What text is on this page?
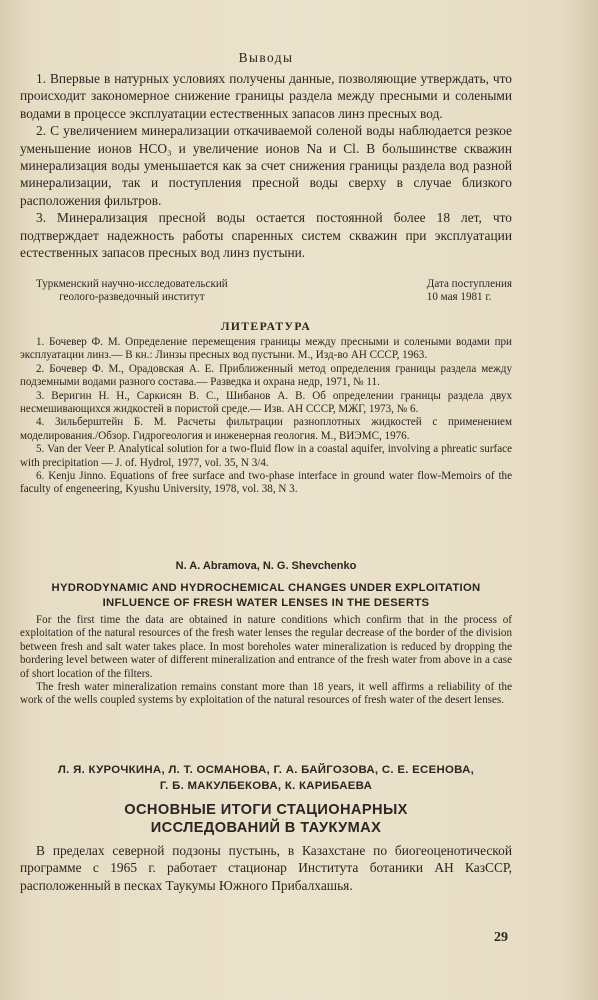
Выводы

1. Впервые в натурных условиях получены данные, позволяющие утверждать, что происходит закономерное снижение границы раздела между пресными и солеными водами в процессе эксплуатации естественных запасов линз пресных вод.

2. С увеличением минерализации откачиваемой соленой воды наблюдается резкое уменьшение ионов HCO₃ и увеличение ионов Na и Cl. В большинстве скважин минерализация воды уменьшается как за счет снижения границы раздела вод разной минерализации, так и поступления пресной воды сверху в случае близкого расположения фильтров.

3. Минерализация пресной воды остается постоянной более 18 лет, что подтверждает надежность работы спаренных систем скважин при эксплуатации естественных запасов пресных вод линз пустыни.

Туркменский научно-исследовательский
геолого-разведочный институт
Дата поступления
10 мая 1981 г.
ЛИТЕРАТУРА

1. Бочевер Ф. М. Определение перемещения границы между пресными и солеными водами при эксплуатации линз.— В кн.: Линзы пресных вод пустыни. М., Изд-во АН СССР, 1963.

2. Бочевер Ф. М., Орадовская А. Е. Приближенный метод определения границы раздела между подземными водами разного состава.— Разведка и охрана недр, 1971, № 11.

3. Веригин Н. Н., Саркисян В. С., Шибанов А. В. Об определении границы раздела двух несмешивающихся жидкостей в пористой среде.— Изв. АН СССР, МЖГ, 1973, № 6.

4. Зильберштейн Б. М. Расчеты фильтрации разноплотных жидкостей с применением моделирования./Обзор. Гидрогеология и инженерная геология. М., ВИЭМС, 1976.

5. Van der Veer P. Analytical solution for a two-fluid flow in a coastal aquifer, involving a phreatic surface with precipitation — J. of. Hydrol, 1977, vol. 35, N 3/4.

6. Kenju Jinno. Equations of free surface and two-phase interface in ground water flow-Memoirs of the faculty of engeneering, Kyushu University, 1978, vol. 38, N 3.

N. A. Abramova, N. G. Shevchenko
HYDRODYNAMIC AND HYDROCHEMICAL CHANGES UNDER EXPLOITATION
INFLUENCE OF FRESH WATER LENSES IN THE DESERTS

For the first time the data are obtained in nature conditions which confirm that in the process of exploitation of the natural resources of the fresh water lenses the regular decrease of the border of the division between fresh and salt water takes place. In most boreholes water mineralization is reduced by dropping the bordering level between water of different mineralization and entrance of the fresh water from above in a case of short location of the filters.

The fresh water mineralization remains constant more than 18 years, it well affirms a reliability of the work of the wells coupled systems by exploitation of the natural resources of fresh water of the desert lenses.

Л. Я. КУРОЧКИНА, Л. Т. ОСМАНОВА, Г. А. БАЙГОЗОВА, С. Е. ЕСЕНОВА,
Г. Б. МАКУЛБЕКОВА, К. КАРИБАЕВА
ОСНОВНЫЕ ИТОГИ СТАЦИОНАРНЫХ
ИССЛЕДОВАНИЙ В ТАУКУМАХ

В пределах северной подзоны пустынь, в Казахстане по биогеоценотической программе с 1965 г. работает стационар Института ботаники АН КазССР, расположенный в песках Таукумы Южного Прибалхашья.

29
